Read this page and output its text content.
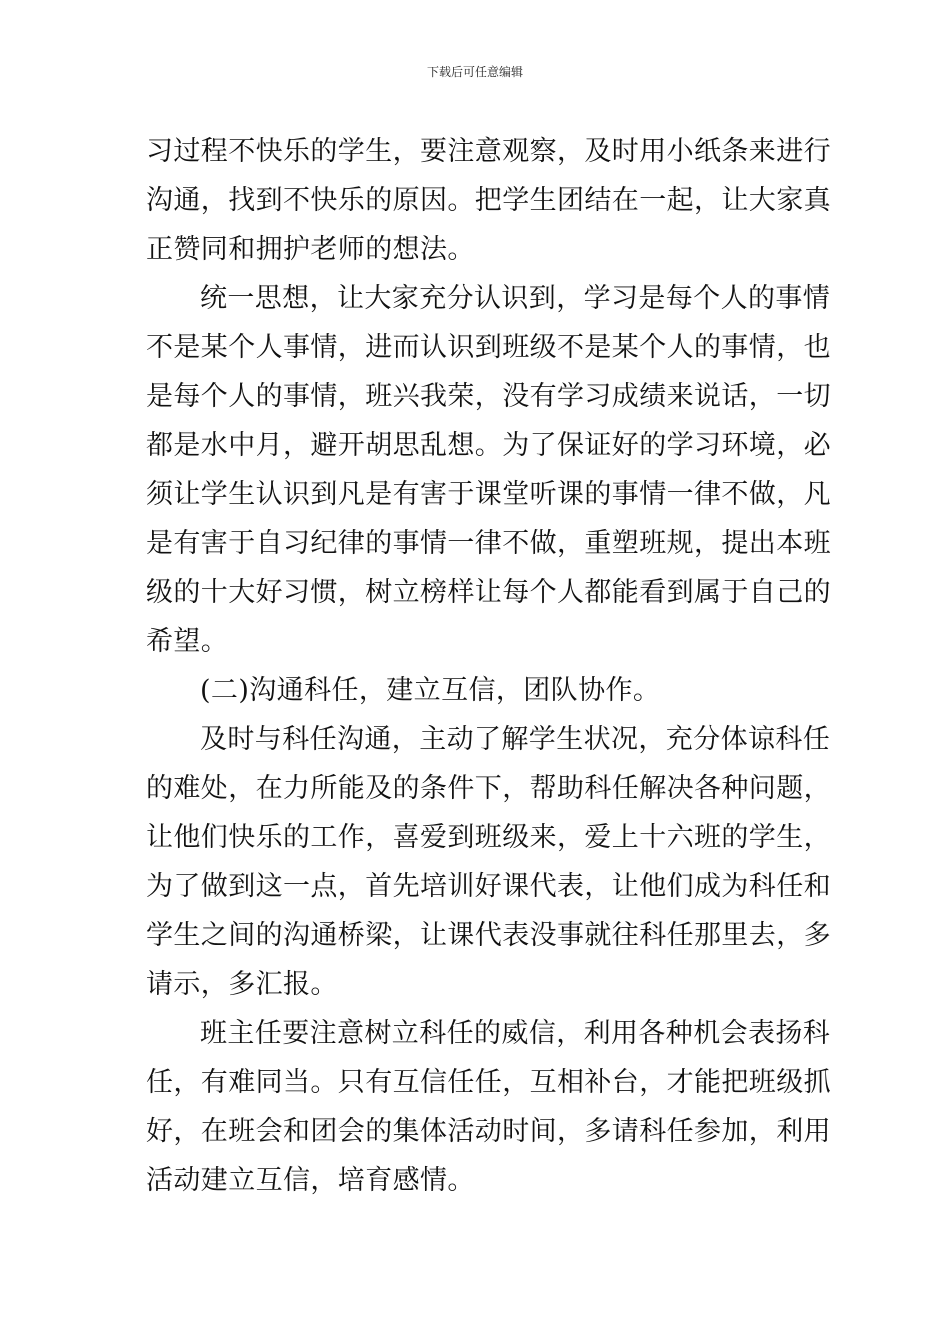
下载后可任意编辑
习过程不快乐的学生，要注意观察，及时用小纸条来进行
沟通，找到不快乐的原因。把学生团结在一起，让大家真
正赞同和拥护老师的想法。
统一思想，让大家充分认识到，学习是每个人的事情
不是某个人事情，进而认识到班级不是某个人的事情，也
是每个人的事情，班兴我荣，没有学习成绩来说话，一切
都是水中月，避开胡思乱想。为了保证好的学习环境，必
须让学生认识到凡是有害于课堂听课的事情一律不做，凡
是有害于自习纪律的事情一律不做，重塑班规，提出本班
级的十大好习惯，树立榜样让每个人都能看到属于自己的
希望。
(二)沟通科任，建立互信，团队协作。
及时与科任沟通，主动了解学生状况，充分体谅科任
的难处，在力所能及的条件下，帮助科任解决各种问题，
让他们快乐的工作，喜爱到班级来，爱上十六班的学生，
为了做到这一点，首先培训好课代表，让他们成为科任和
学生之间的沟通桥梁，让课代表没事就往科任那里去，多
请示，多汇报。
班主任要注意树立科任的威信，利用各种机会表扬科
任，有难同当。只有互信任任，互相补台，才能把班级抓
好，在班会和团会的集体活动时间，多请科任参加，利用
活动建立互信，培育感情。
